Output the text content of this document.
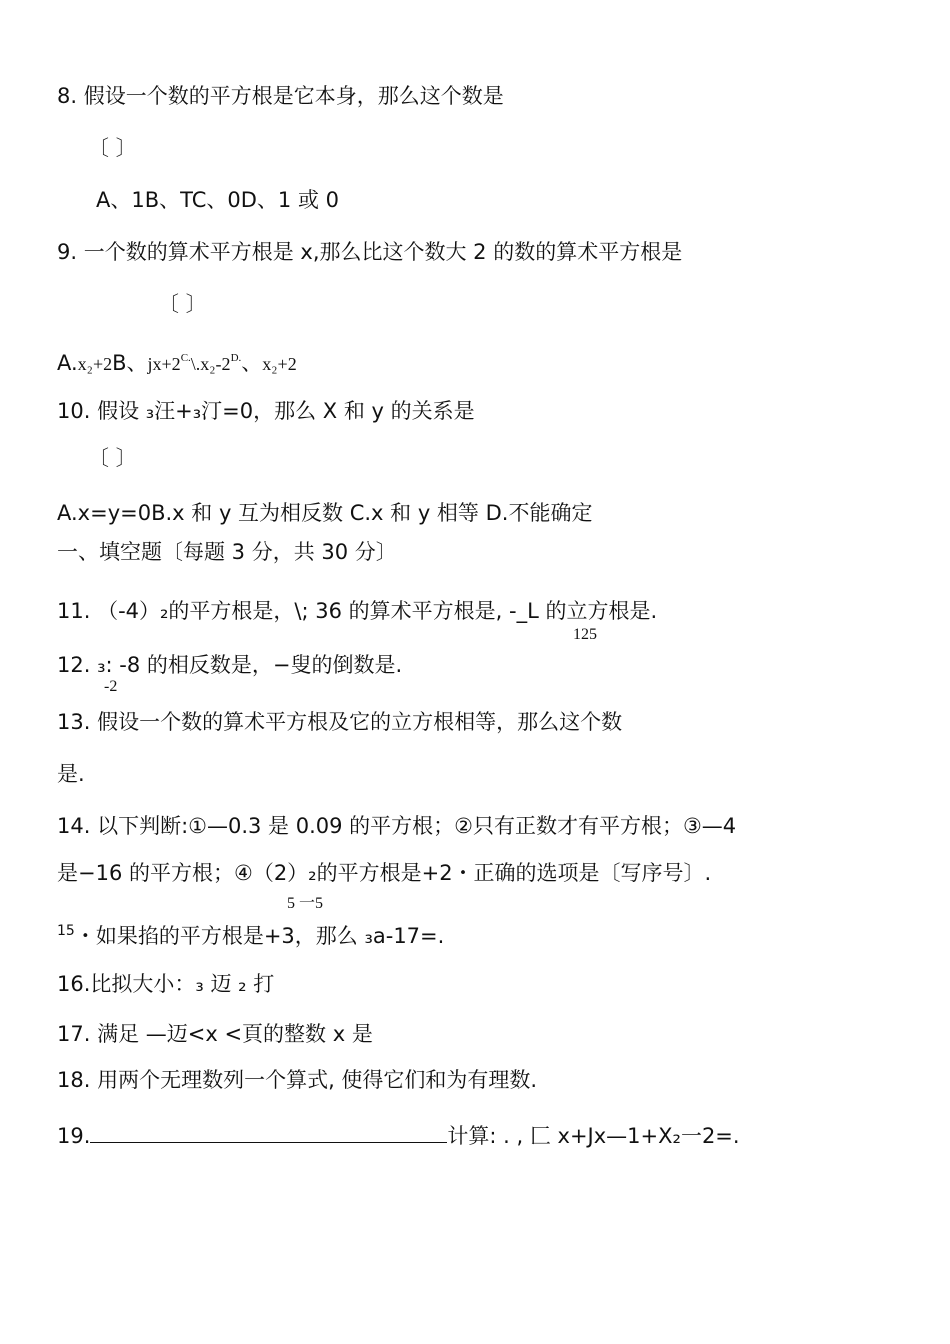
8. 假设一个数的平方根是它本身，那么这个数是
〔 〕
A、1B、TC、0D、1 或 0
9. 一个数的算术平方根是 x,那么比这个数大 2 的数的算术平方根是
〔 〕
A.x₂+2B、$jx+2^{C.}\backslash.x_2-2^{D.}$、x₂+2
10. 假设 ₃汪+₃汀=0，那么 X 和 y 的关系是
〔 〕
A.x=y=0B.x 和 y 互为相反数 C.x 和 y 相等 D.不能确定
一、填空题〔每题 3 分，共 30 分〕
11. （-4）₂的平方根是，\; 36 的算术平方根是, -_L 的立方根是.
125
12. ₃: -8 的相反数是，−叟的倒数是.
-2
13. 假设一个数的算术平方根及它的立方根相等，那么这个数
是.
14. 以下判断:①—0.3 是 0.09 的平方根；②只有正数才有平方根；③—4
是−16 的平方根；④（2）₂的平方根是+2・正确的选项是〔写序号〕.
5 一5
$^{15}$・如果掐的平方根是+3，那么 ₃a-17=.
16.比拟大小：₃ 迈 ₂ 打
17. 满足 —迈<x <頁的整数 x 是
18. 用两个无理数列一个算式, 使得它们和为有理数.
19.	计算: . , 匚 x+Jx—1+X₂一2=.
